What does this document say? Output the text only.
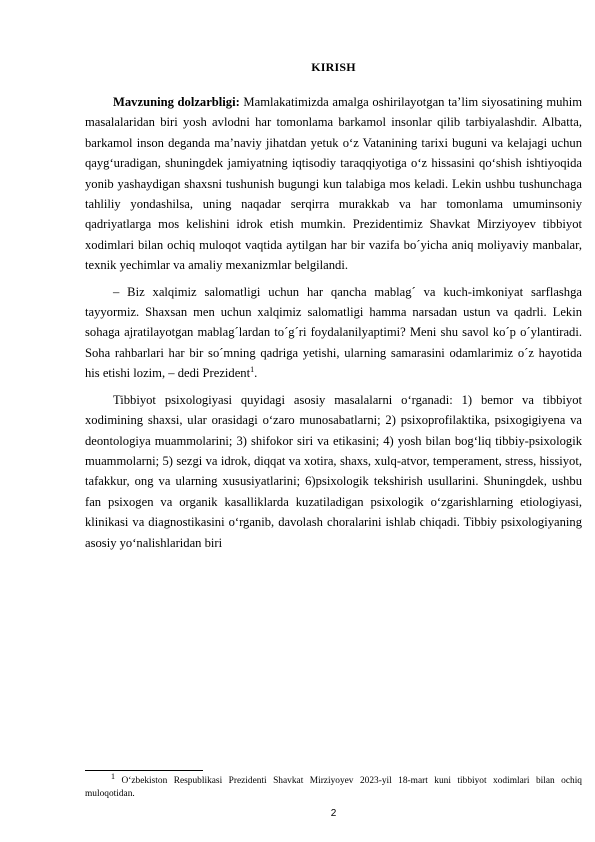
KIRISH

Mavzuning dolzarbligi: Mamlakatimizda amalga oshirilayotgan ta’lim siyosatining muhim masalalaridan biri yosh avlodni har tomonlama barkamol insonlar qilib tarbiyalashdir. Albatta, barkamol inson deganda ma’naviy jihatdan yetuk o‘z Vatanining tarixi buguni va kelajagi uchun qayg‘uradigan, shuningdek jamiyatning iqtisodiy taraqqiyotiga o‘z hissasini qo‘shish ishtiyoqida yonib yashaydigan shaxsni tushunish bugungi kun talabiga mos keladi. Lekin ushbu tushunchaga tahliliy yondashilsa, uning naqadar serqirra murakkab va har tomonlama umuminsoniy qadriyatlarga mos kelishini idrok etish mumkin. Prezidentimiz Shavkat Mirziyoyev tibbiyot xodimlari bilan ochiq muloqot vaqtida aytilgan har bir vazifa bo´yicha aniq moliyaviy manbalar, texnik yechimlar va amaliy mexanizmlar belgilandi.

– Biz xalqimiz salomatligi uchun har qancha mablag´ va kuch-imkoniyat sarflashga tayyormiz. Shaxsan men uchun xalqimiz salomatligi hamma narsadan ustun va qadrli. Lekin sohaga ajratilayotgan mablag´lardan to´g´ri foydalanilyaptimi? Meni shu savol ko´p o´ylantiradi. Soha rahbarlari har bir so´mning qadriga yetishi, ularning samarasini odamlarimiz o´z hayotida his etishi lozim, – dedi Prezident$^1$.

Tibbiyot psixologiyasi quyidagi asosiy masalalarni o‘rganadi: 1) bemor va tibbiyot xodimining shaxsi, ular orasidagi o‘zaro munosabatlarni; 2) psixoprofilaktika, psixogigiyena va deontologiya muammolarini; 3) shifokor siri va etikasini; 4) yosh bilan bog‘liq tibbiy-psixologik muammolarni; 5) sezgi va idrok, diqqat va xotira, shaxs, xulq-atvor, temperament, stress, hissiyot, tafakkur, ong va ularning xususiyatlarini; 6)psixologik tekshirish usullarini. Shuningdek, ushbu fan psixogen va organik kasalliklarda kuzatiladigan psixologik o‘zgarishlarning etiologiyasi, klinikasi va diagnostikasini o‘rganib, davolash choralarini ishlab chiqadi. Tibbiy psixologiyaning asosiy yo‘nalishlaridan biri

$^1$ O‘zbekiston Respublikasi Prezidenti Shavkat Mirziyoyev 2023-yil 18-mart kuni tibbiyot xodimlari bilan ochiq muloqotidan.
2
